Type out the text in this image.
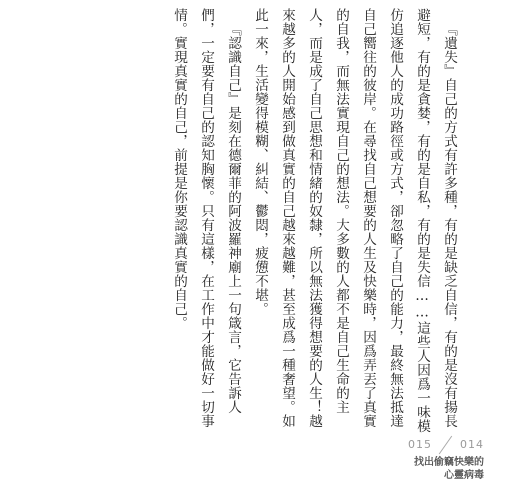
『遺失』自己的方式有許多種，有的是缺乏自信，有的是沒有揚長避短，有的是貪婪，有的是自私，有的是失信……這些人因爲一味模仿追逐他人的成功路徑或方式，卻忽略了自己的能力，最終無法抵達自己嚮往的彼岸。在尋找自己想要的人生及快樂時，因爲弄丟了真實的自我，而無法實現自己的想法。大多數的人都不是自己生命的主人，而是成了自己思想和情緒的奴隸，所以無法獲得想要的人生！越來越多的人開始感到做真實的自己越來越難，甚至成爲一種奢望。如此一來，生活變得模糊、糾結、鬱悶，疲憊不堪。

『認識自己』是刻在德爾菲的阿波羅神廟上一句箴言，它告訴人們，一定要有自己的認知胸懷。只有這樣，在工作中才能做好一切事情。實現真實的自己，前提是你要認識真實的自己。

015	014
找出偷竊快樂的
心靈病毒
